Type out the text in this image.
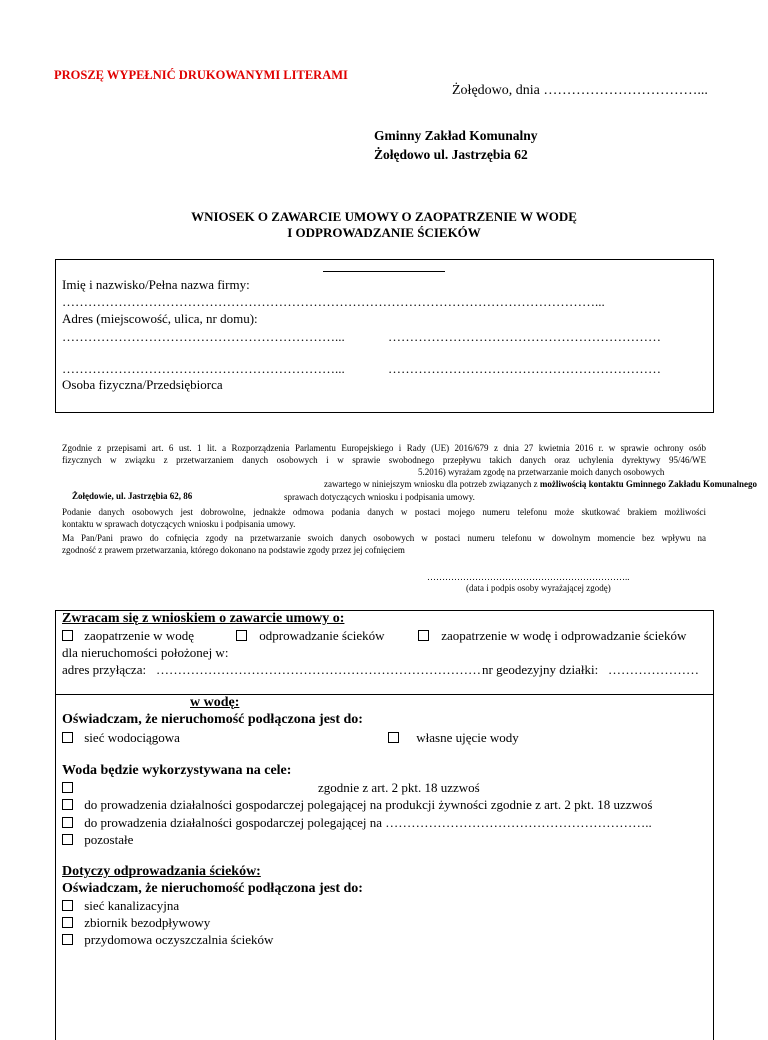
PROSZĘ WYPEŁNIĆ DRUKOWANYMI LITERAMI
Żołędowo, dnia ……………………………...
Gminny Zakład Komunalny
Żołędowo ul. Jastrzębia 62
WNIOSEK O ZAWARCIE UMOWY O ZAOPATRZENIE W WODĘ
I ODPROWADZANIE ŚCIEKÓW
Imię i nazwisko/Pełna nazwa firmy:
……………………………………………………………………………………………………………...
Adres (miejscowość, ulica, nr domu):
………………………………………………………...	………………………………………………………
………………………………………………………...	………………………………………………………
Osoba fizyczna/Przedsiębiorca
Zgodnie z przepisami art. 6 ust. 1 lit. a Rozporządzenia Parlamentu Europejskiego i Rady (UE) 2016/679 z dnia 27 kwietnia 2016 r. w sprawie ochrony osób
fizycznych w związku z przetwarzaniem danych osobowych i w sprawie swobodnego przepływu takich danych oraz uchylenia dyrektywy 95/46/WE
5.2016) wyrażam zgodę na przetwarzanie moich danych osobowych
zawartego w niniejszym wniosku dla potrzeb związanych z możliwością kontaktu Gminnego Zakładu Komunalnego
Żołędowie, ul. Jastrzębia 62, 86	sprawach dotyczących wniosku i podpisania umowy.
Podanie danych osobowych jest dobrowolne, jednakże odmowa podania danych w postaci mojego numeru telefonu może skutkować brakiem możliwości
kontaktu w sprawach dotyczących wniosku i podpisania umowy.
Ma Pan/Pani prawo do cofnięcia zgody na przetwarzanie swoich danych osobowych w postaci numeru telefonu w dowolnym momencie bez wpływu na
zgodność z prawem przetwarzania, którego dokonano na podstawie zgody przez jej cofnięciem
…………………………………………………………..
(data i podpis osoby wyrażającej zgodę)
Zwracam się z wnioskiem o zawarcie umowy o:
zaopatrzenie w wodę	odprowadzanie ścieków	zaopatrzenie w wodę i odprowadzanie ścieków
dla nieruchomości położonej w:
adres przyłącza: ………………………………………………………………… nr geodezyjny działki: …………………
w wodę:
Oświadczam, że nieruchomość podłączona jest do:
sieć wodociągowa	własne ujęcie wody
Woda będzie wykorzystywana na cele:
zgodnie z art. 2 pkt. 18 uzzwoś
do prowadzenia działalności gospodarczej polegającej na produkcji żywności zgodnie z art. 2 pkt. 18 uzzwoś
do prowadzenia działalności gospodarczej polegającej na ……………………………………………………..
pozostałe
Dotyczy odprowadzania ścieków:
Oświadczam, że nieruchomość podłączona jest do:
sieć kanalizacyjna
zbiornik bezodpływowy
przydomowa oczyszczalnia ścieków
